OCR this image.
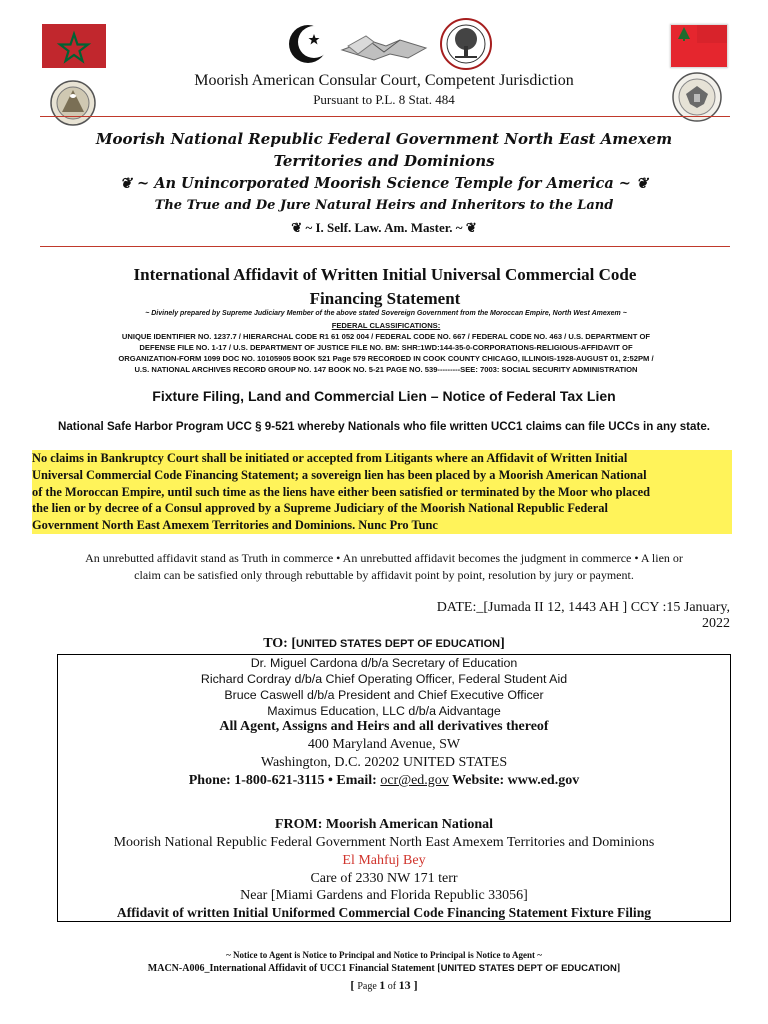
Moorish American Consular Court, Competent Jurisdiction
Pursuant to P.L. 8 Stat. 484
Moorish National Republic Federal Government North East Amexem
Territories and Dominions
❦ ~ An Unincorporated Moorish Science Temple for America ~ ❦
The True and De Jure Natural Heirs and Inheritors to the Land
❦ ~ I. Self. Law. Am. Master. ~ ❦
International Affidavit of Written Initial Universal Commercial Code
Financing Statement
~ Divinely prepared by Supreme Judiciary Member of the above stated Sovereign Government from the Moroccan Empire, North West Amexem ~
FEDERAL CLASSIFICATIONS:
UNIQUE IDENTIFIER NO. 1237.7 / HIERARCHAL CODE R1 61 052 004 / FEDERAL CODE NO. 667 / FEDERAL CODE NO. 463 / U.S. DEPARTMENT OF
DEFENSE FILE NO. 1-17 / U.S. DEPARTMENT OF JUSTICE FILE NO. BM: SHR:1WD:144-35-0-CORPORATIONS-RELIGIOUS-AFFIDAVIT OF
ORGANIZATION-FORM 1099 DOC NO. 10105905 BOOK 521 Page 579 RECORDED IN COOK COUNTY CHICAGO, ILLINOIS-1928-AUGUST 01, 2:52PM /
U.S. NATIONAL ARCHIVES RECORD GROUP NO. 147 BOOK NO. 5-21 PAGE NO. 539---------SEE: 7003: SOCIAL SECURITY ADMINISTRATION
Fixture Filing, Land and Commercial Lien – Notice of Federal Tax Lien
National Safe Harbor Program UCC § 9-521 whereby Nationals who file written UCC1 claims can file UCCs in any state.
No claims in Bankruptcy Court shall be initiated or accepted from Litigants where an Affidavit of Written Initial
Universal Commercial Code Financing Statement; a sovereign lien has been placed by a Moorish American National
of the Moroccan Empire, until such time as the liens have either been satisfied or terminated by the Moor who placed
the lien or by decree of a Consul approved by a Supreme Judiciary of the Moorish National Republic Federal
Government North East Amexem Territories and Dominions. Nunc Pro Tunc
An unrebutted affidavit stand as Truth in commerce • An unrebutted affidavit becomes the judgment in commerce • A lien or
claim can be satisfied only through rebuttable by affidavit point by point, resolution by jury or payment.
DATE:_[Jumada II 12, 1443 AH ] CCY :15 January, 2022
TO: [UNITED STATES DEPT OF EDUCATION]
Dr. Miguel Cardona d/b/a Secretary of Education
Richard Cordray d/b/a Chief Operating Officer, Federal Student Aid
Bruce Caswell d/b/a President and Chief Executive Officer
Maximus Education, LLC d/b/a Aidvantage
All Agent, Assigns and Heirs and all derivatives thereof
400 Maryland Avenue, SW
Washington, D.C. 20202 UNITED STATES
Phone: 1-800-621-3115 • Email: ocr@ed.gov Website: www.ed.gov
FROM: Moorish American National
Moorish National Republic Federal Government North East Amexem Territories and Dominions
El Mahfuj Bey
Care of 2330 NW 171 terr
Near [Miami Gardens and Florida Republic 33056]
Affidavit of written Initial Uniformed Commercial Code Financing Statement Fixture Filing
~ Notice to Agent is Notice to Principal and Notice to Principal is Notice to Agent ~
MACN-A006_International Affidavit of UCC1 Financial Statement [UNITED STATES DEPT OF EDUCATION]
[ Page 1 of 13 ]
